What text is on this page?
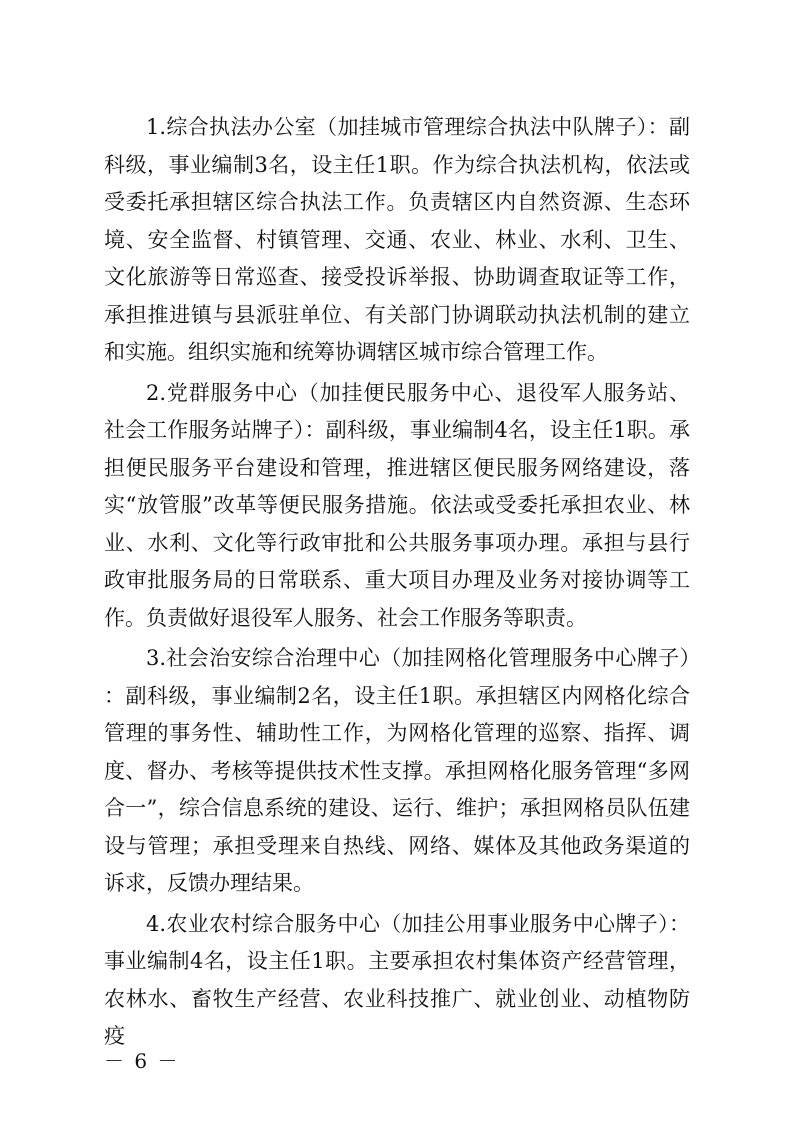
1.综合执法办公室（加挂城市管理综合执法中队牌子）：副科级，事业编制3名，设主任1职。作为综合执法机构，依法或受委托承担辖区综合执法工作。负责辖区内自然资源、生态环境、安全监督、村镇管理、交通、农业、林业、水利、卫生、文化旅游等日常巡查、接受投诉举报、协助调查取证等工作，承担推进镇与县派驻单位、有关部门协调联动执法机制的建立和实施。组织实施和统筹协调辖区城市综合管理工作。

2.党群服务中心（加挂便民服务中心、退役军人服务站、社会工作服务站牌子）：副科级，事业编制4名，设主任1职。承担便民服务平台建设和管理，推进辖区便民服务网络建设，落实“放管服”改革等便民服务措施。依法或受委托承担农业、林业、水利、文化等行政审批和公共服务事项办理。承担与县行政审批服务局的日常联系、重大项目办理及业务对接协调等工作。负责做好退役军人服务、社会工作服务等职责。

3.社会治安综合治理中心（加挂网格化管理服务中心牌子）：副科级，事业编制2名，设主任1职。承担辖区内网格化综合管理的事务性、辅助性工作，为网格化管理的巡察、指挥、调度、督办、考核等提供技术性支撑。承担网格化服务管理“多网合一”，综合信息系统的建设、运行、维护；承担网格员队伍建设与管理；承担受理来自热线、网络、媒体及其他政务渠道的诉求，反馈办理结果。

4.农业农村综合服务中心（加挂公用事业服务中心牌子）：事业编制4名，设主任1职。主要承担农村集体资产经营管理，农林水、畜牧生产经营、农业科技推广、就业创业、动植物防疫

－ 6 －
